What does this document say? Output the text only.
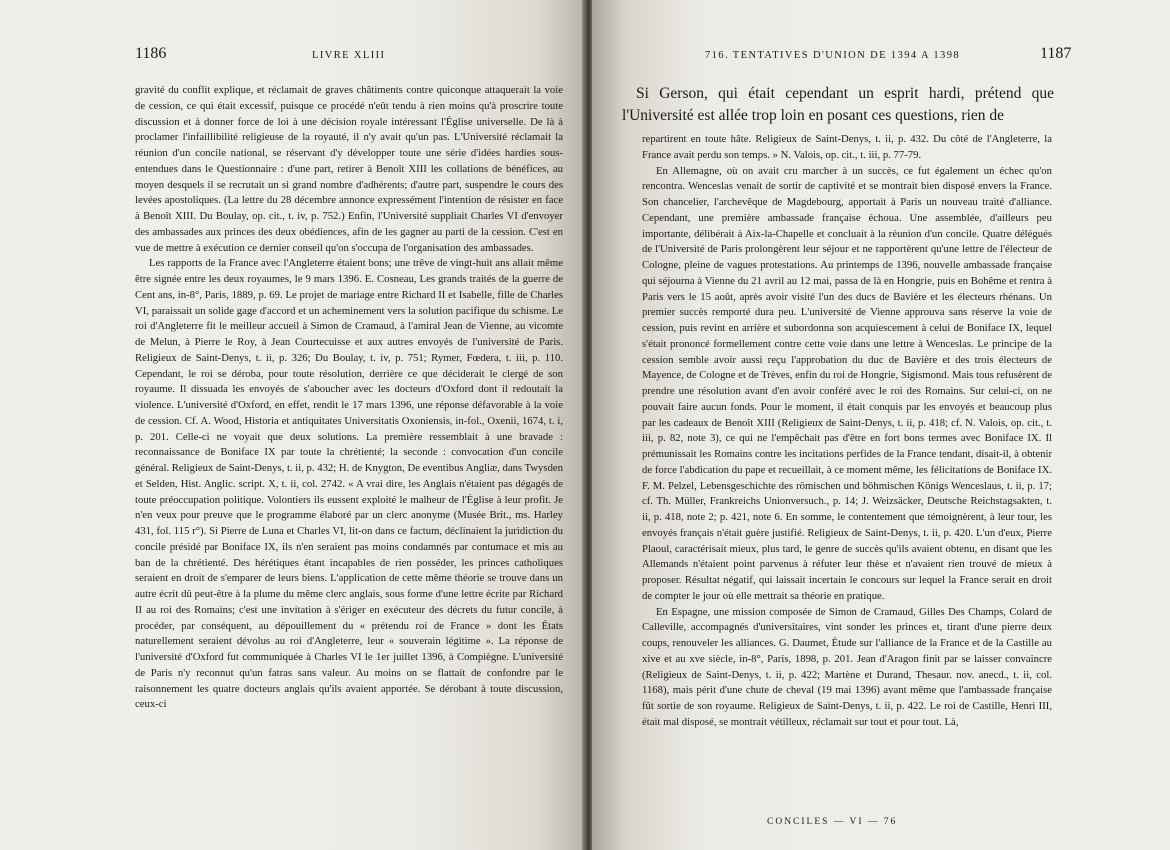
1186	LIVRE XLIII

gravité du conflit explique, et réclamait de graves châtiments contre quiconque attaquerait la voie de cession, ce qui était excessif, puisque ce procédé n'eût tendu à rien moins qu'à proscrire toute discussion et à donner force de loi à une décision royale intéressant l'Église universelle. De là à proclamer l'infaillibilité religieuse de la royauté, il n'y avait qu'un pas. L'Université réclamait la réunion d'un concile national, se réservant d'y développer toute une série d'idées hardies sous-entendues dans le Questionnaire : d'une part, retirer à Benoît XIII les collations de bénéfices, au moyen desquels il se recrutait un si grand nombre d'adhérents; d'autre part, suspendre le cours des levées apostoliques. (La lettre du 28 décembre annonce expressément l'intention de résister en face à Benoît XIII. Du Boulay, op. cit., t. iv, p. 752.) Enfin, l'Université suppliait Charles VI d'envoyer des ambassades aux princes des deux obédiences, afin de les gagner au parti de la cession. C'est en vue de mettre à exécution ce dernier conseil qu'on s'occupa de l'organisation des ambassades.

Les rapports de la France avec l'Angleterre étaient bons; une trêve de vingt-huit ans allait même être signée entre les deux royaumes, le 9 mars 1396. E. Cosneau, Les grands traités de la guerre de Cent ans, in-8°, Paris, 1889, p. 69. Le projet de mariage entre Richard II et Isabelle, fille de Charles VI, paraissait un solide gage d'accord et un acheminement vers la solution pacifique du schisme. Le roi d'Angleterre fit le meilleur accueil à Simon de Cramaud, à l'amiral Jean de Vienne, au vicomte de Melun, à Pierre le Roy, à Jean Courtecuisse et aux autres envoyés de l'université de Paris. Religieux de Saint-Denys, t. ii, p. 326; Du Boulay, t. iv, p. 751; Rymer, Fœdera, t. iii, p. 110. Cependant, le roi se déroba, pour toute résolution, derrière ce que déciderait le clergé de son royaume. Il dissuada les envoyés de s'aboucher avec les docteurs d'Oxford dont il redoutait la violence. L'université d'Oxford, en effet, rendit le 17 mars 1396, une réponse défavorable à la voie de cession. Cf. A. Wood, Historia et antiquitates Universitatis Oxoniensis, in-fol., Oxenii, 1674, t. i, p. 201. Celle-ci ne voyait que deux solutions. La première ressemblait à une bravade : reconnaissance de Boniface IX par toute la chrétienté; la seconde : convocation d'un concile général. Religieux de Saint-Denys, t. ii, p. 432; H. de Knygton, De eventibus Angliæ, dans Twysden et Selden, Hist. Anglic. script. X, t. ii, col. 2742. « A vrai dire, les Anglais n'étaient pas dégagés de toute préoccupation politique. Volontiers ils eussent exploité le malheur de l'Église à leur profit. Je n'en veux pour preuve que le programme élaboré par un clerc anonyme (Musée Brit., ms. Harley 431, fol. 115 r°). Si Pierre de Luna et Charles VI, lit-on dans ce factum, déclinaient la juridiction du concile présidé par Boniface IX, ils n'en seraient pas moins condamnés par contumace et mis au ban de la chrétienté. Des hérétiques étant incapables de rien posséder, les princes catholiques seraient en droit de s'emparer de leurs biens. L'application de cette même théorie se trouve dans un autre écrit dû peut-être à la plume du même clerc anglais, sous forme d'une lettre écrite par Richard II au roi des Romains; c'est une invitation à s'ériger en exécuteur des décrets du futur concile, à procéder, par conséquent, au dépouillement du « prétendu roi de France » dont les États naturellement seraient dévolus au roi d'Angleterre, leur « souverain légitime ». La réponse de l'université d'Oxford fut communiquée à Charles VI le 1er juillet 1396, à Compiègne. L'université de Paris n'y reconnut qu'un fatras sans valeur. Au moins on se flattait de confondre par le raisonnement les quatre docteurs anglais qu'ils avaient apportée. Se dérobant à toute discussion, ceux-ci

716. TENTATIVES D'UNION DE 1394 A 1398	1187
Si Gerson, qui était cependant un esprit hardi, prétend que l'Université est allée trop loin en posant ces questions, rien de

repartirent en toute hâte. Religieux de Saint-Denys, t. ii, p. 432. Du côté de l'Angleterre, la France avait perdu son temps. » N. Valois, op. cit., t. iii, p. 77-79.

En Allemagne, où on avait cru marcher à un succès, ce fut également un échec qu'on rencontra. Wenceslas venait de sortir de captivité et se montrait bien disposé envers la France. Son chancelier, l'archevêque de Magdebourg, apportait à Paris un nouveau traité d'alliance. Cependant, une première ambassade française échoua. Une assemblée, d'ailleurs peu importante, délibérait à Aix-la-Chapelle et concluait à la réunion d'un concile. Quatre délégués de l'Université de Paris prolongèrent leur séjour et ne rapportèrent qu'une lettre de l'électeur de Cologne, pleine de vagues protestations. Au printemps de 1396, nouvelle ambassade française qui séjourna à Vienne du 21 avril au 12 mai, passa de là en Hongrie, puis en Bohême et rentra à Paris vers le 15 août, après avoir visité l'un des ducs de Bavière et les électeurs rhénans. Un premier succès remporté dura peu. L'université de Vienne approuva sans réserve la voie de cession, puis revint en arrière et subordonna son acquiescement à celui de Boniface IX, lequel s'était prononcé formellement contre cette voie dans une lettre à Wenceslas. Le principe de la cession semble avoir aussi reçu l'approbation du duc de Bavière et des trois électeurs de Mayence, de Cologne et de Trèves, enfin du roi de Hongrie, Sigismond. Mais tous refusèrent de prendre une résolution avant d'en avoir conféré avec le roi des Romains. Sur celui-ci, on ne pouvait faire aucun fonds. Pour le moment, il était conquis par les envoyés et beaucoup plus par les cadeaux de Benoît XIII (Religieux de Saint-Denys, t. ii, p. 418; cf. N. Valois, op. cit., t. iii, p. 82, note 3), ce qui ne l'empêchait pas d'être en fort bons termes avec Boniface IX. Il prémunissait les Romains contre les incitations perfides de la France tendant, disait-il, à obtenir de force l'abdication du pape et recueillait, à ce moment même, les félicitations de Boniface IX. F. M. Pelzel, Lebensgeschichte des römischen und böhmischen Königs Wenceslaus, t. ii, p. 17; cf. Th. Müller, Frankreichs Unionversuch., p. 14; J. Weizsäcker, Deutsche Reichstagsakten, t. ii, p. 418, note 2; p. 421, note 6. En somme, le contentement que témoignèrent, à leur tour, les envoyés français n'était guère justifié. Religieux de Saint-Denys, t. ii, p. 420. L'un d'eux, Pierre Plaoul, caractérisait mieux, plus tard, le genre de succès qu'ils avaient obtenu, en disant que les Allemands n'étaient point parvenus à réfuter leur thèse et n'avaient rien trouvé de mieux à proposer. Résultat négatif, qui laissait incertain le concours sur lequel la France serait en droit de compter le jour où elle mettrait sa théorie en pratique.

En Espagne, une mission composée de Simon de Cramaud, Gilles Des Champs, Colard de Calleville, accompagnés d'universitaires, vint sonder les princes et, tirant d'une pierre deux coups, renouveler les alliances. G. Daumet, Étude sur l'alliance de la France et de la Castille au xive et au xve siècle, in-8°, Paris, 1898, p. 201. Jean d'Aragon finit par se laisser convaincre (Religieux de Saint-Denys, t. ii, p. 422; Martène et Durand, Thesaur. nov. anecd., t. ii, col. 1168), mais périt d'une chute de cheval (19 mai 1396) avant même que l'ambassade française fût sortie de son royaume. Religieux de Saint-Denys, t. ii, p. 422. Le roi de Castille, Henri III, était mal disposé, se montrait vétilleux, réclamait sur tout et pour tout. Là,

CONCILES — VI — 76
